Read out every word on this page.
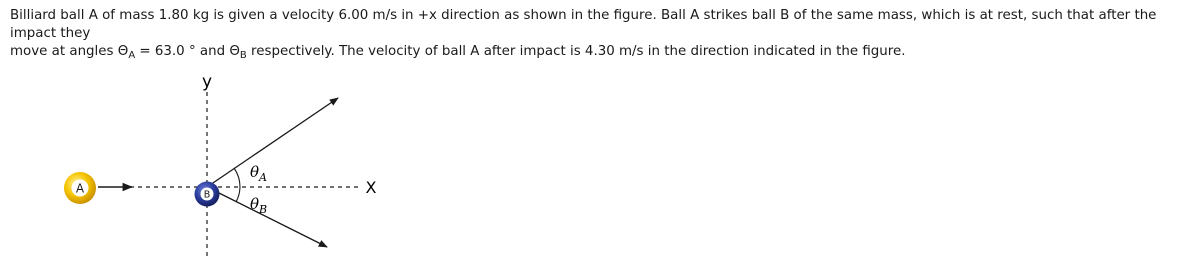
Billiard ball A of mass 1.80 kg is given a velocity 6.00 m/s in +x direction as shown in the figure. Ball A strikes ball B of the same mass, which is at rest, such that after the impact they
move at angles $\Theta_A = 63.0$ ° and $\Theta_B$ respectively. The velocity of ball A after impact is 4.30 m/s in the direction indicated in the figure.
y
X
$\theta_A$
$\theta_B$
A	B
